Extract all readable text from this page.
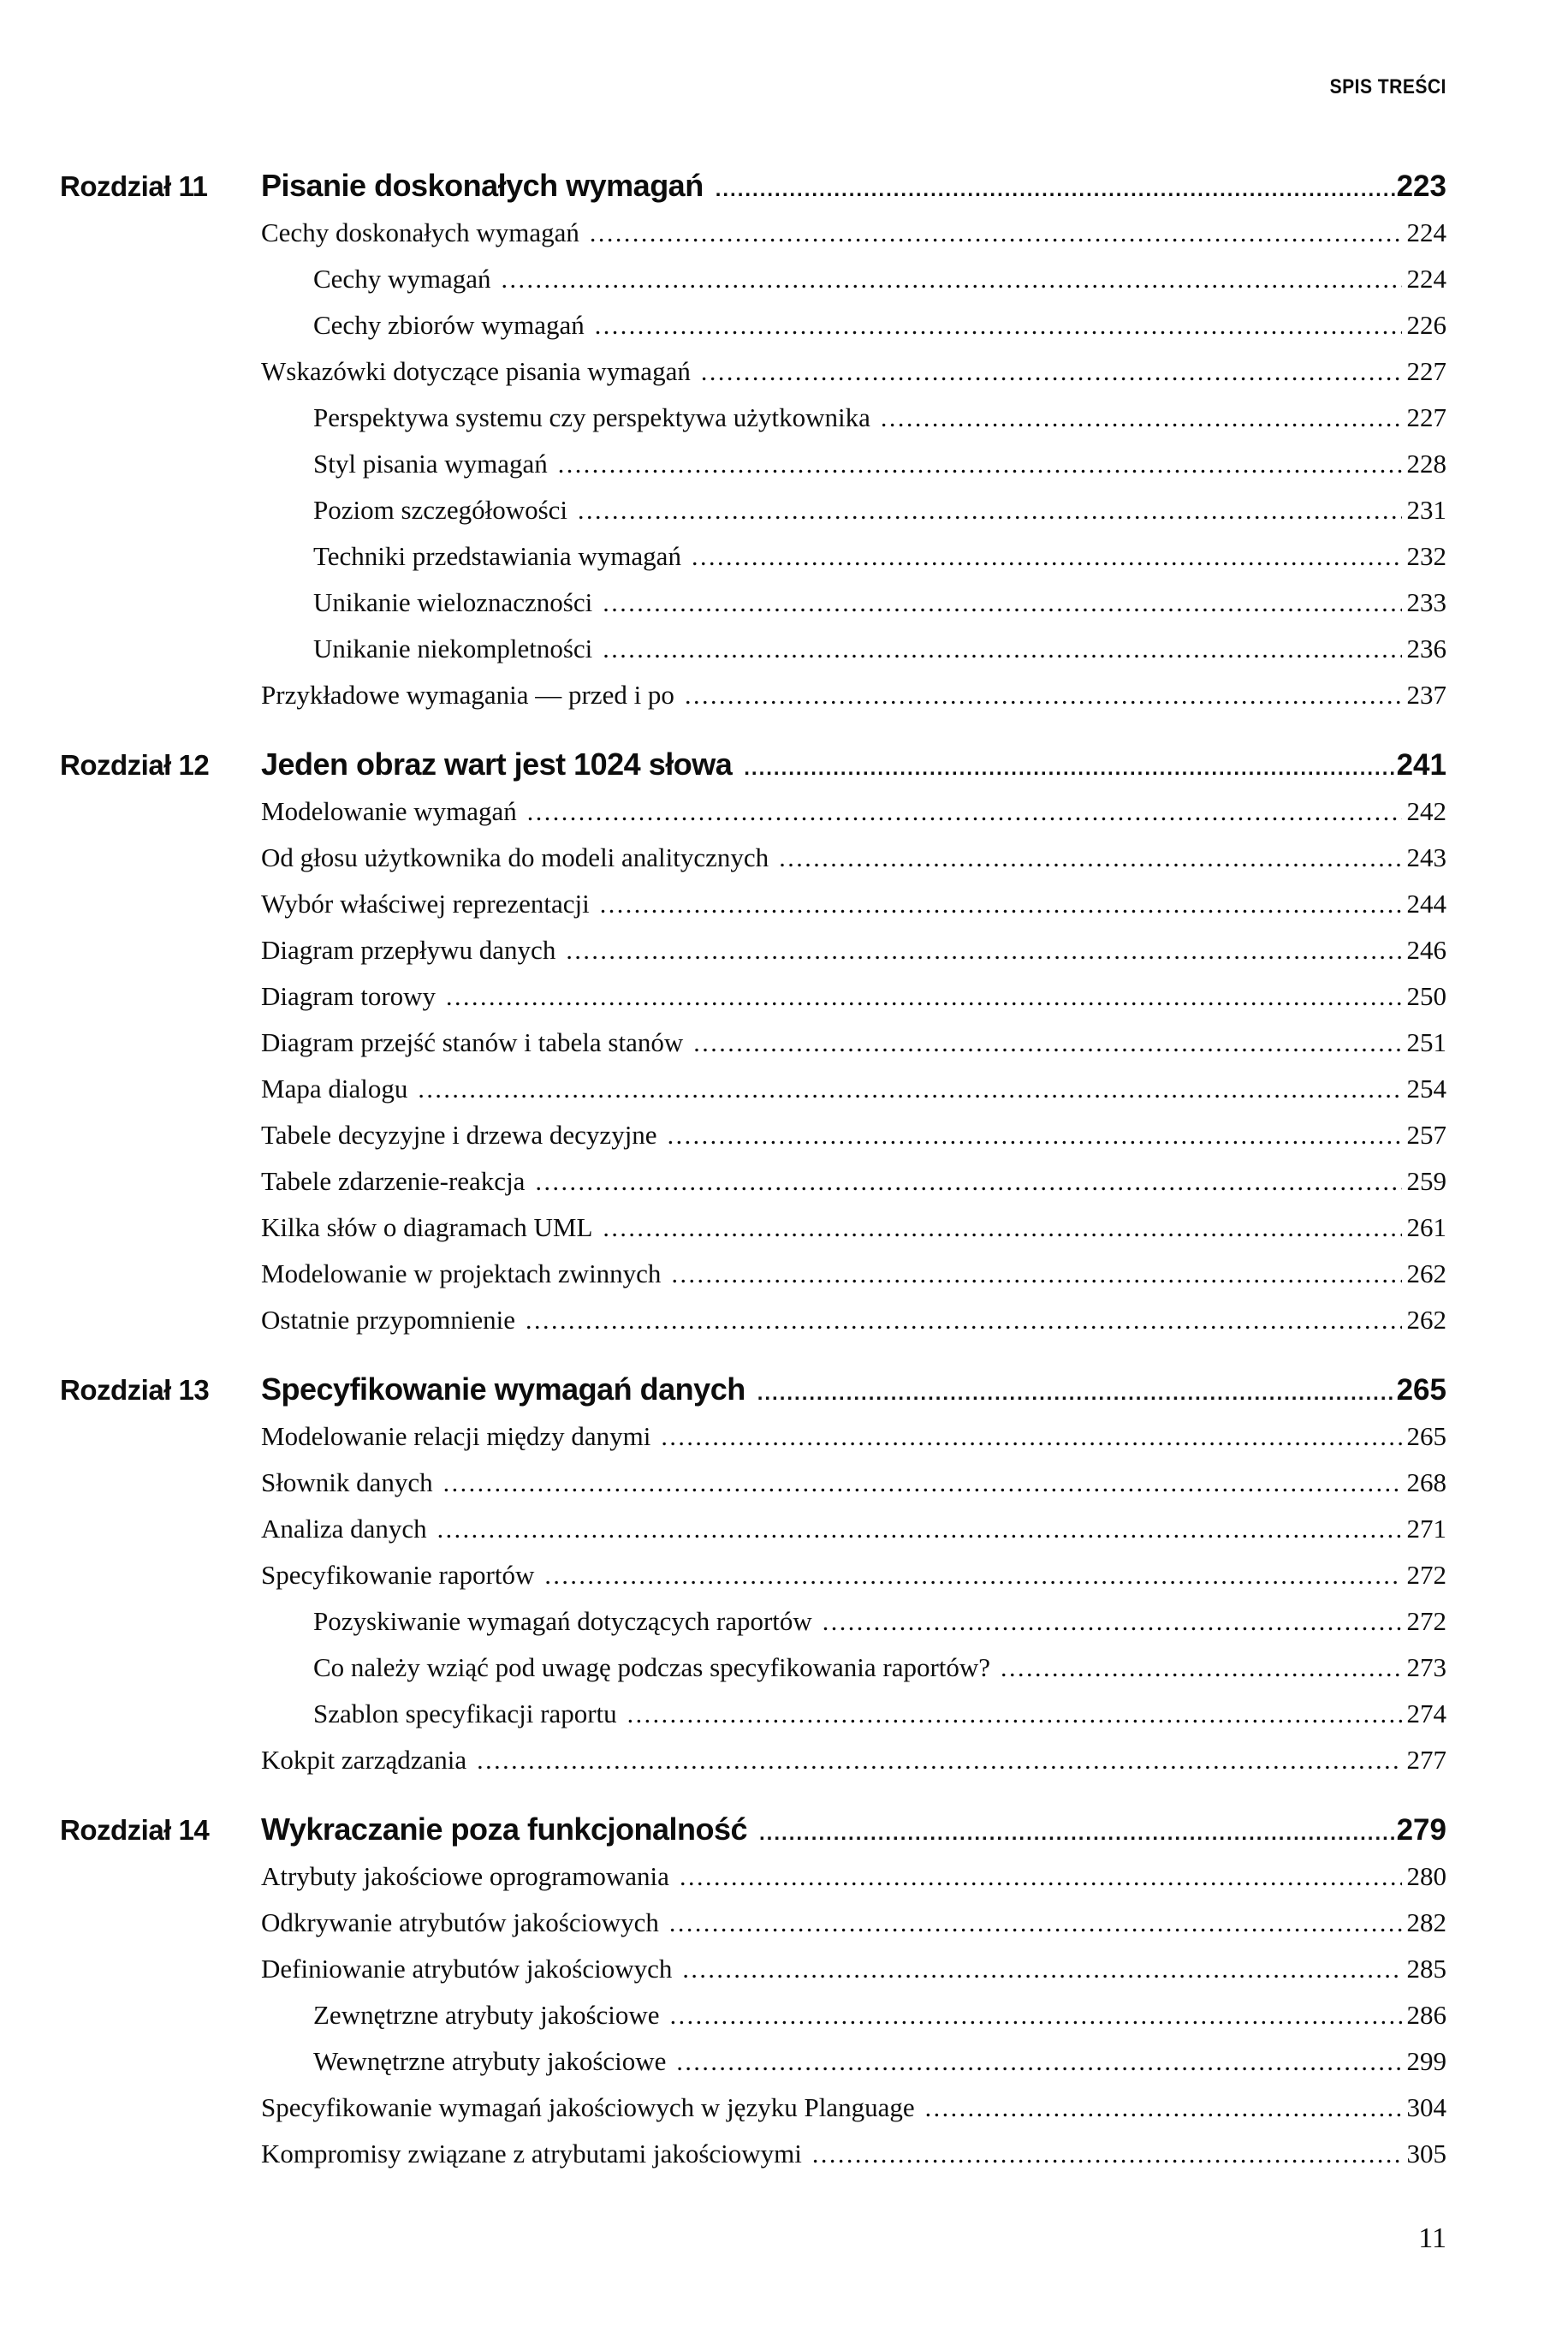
SPIS TREŚCI
Rozdział 11	Pisanie doskonałych wymagań .....	223
Cechy doskonałych wymagań .....	224
Cechy wymagań .....	224
Cechy zbiorów wymagań .....	226
Wskazówki dotyczące pisania wymagań .....	227
Perspektywa systemu czy perspektywa użytkownika .....	227
Styl pisania wymagań .....	228
Poziom szczegółowości .....	231
Techniki przedstawiania wymagań .....	232
Unikanie wieloznaczności .....	233
Unikanie niekompletności .....	236
Przykładowe wymagania — przed i po .....	237
Rozdział 12	Jeden obraz wart jest 1024 słowa .....	241
Modelowanie wymagań .....	242
Od głosu użytkownika do modeli analitycznych .....	243
Wybór właściwej reprezentacji .....	244
Diagram przepływu danych .....	246
Diagram torowy .....	250
Diagram przejść stanów i tabela stanów .....	251
Mapa dialogu .....	254
Tabele decyzyjne i drzewa decyzyjne .....	257
Tabele zdarzenie-reakcja .....	259
Kilka słów o diagramach UML .....	261
Modelowanie w projektach zwinnych .....	262
Ostatnie przypomnienie .....	262
Rozdział 13	Specyfikowanie wymagań danych .....	265
Modelowanie relacji między danymi .....	265
Słownik danych .....	268
Analiza danych .....	271
Specyfikowanie raportów .....	272
Pozyskiwanie wymagań dotyczących raportów .....	272
Co należy wziąć pod uwagę podczas specyfikowania raportów? .....	273
Szablon specyfikacji raportu .....	274
Kokpit zarządzania .....	277
Rozdział 14	Wykraczanie poza funkcjonalność .....	279
Atrybuty jakościowe oprogramowania .....	280
Odkrywanie atrybutów jakościowych .....	282
Definiowanie atrybutów jakościowych .....	285
Zewnętrzne atrybuty jakościowe .....	286
Wewnętrzne atrybuty jakościowe .....	299
Specyfikowanie wymagań jakościowych w języku Planguage .....	304
Kompromisy związane z atrybutami jakościowymi .....	305
11
